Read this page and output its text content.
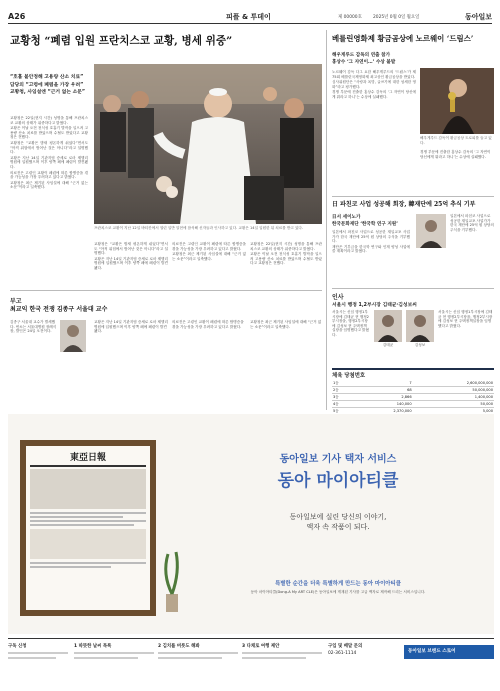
A26	피플 & 투데이	제 00000호	2025년 0월 0일 월요일	동아일보
교황청 “폐렴 입원 프란치스코 교황, 병세 위중”
“호흡 불안정해 고용량 산소 치료”
담당의 “고령에 폐렴을 가장 우려”
교황청, 사임설엔 “근거 없는 소문”

교황청은 22일(현지 시간) 성명을 통해 프란치스코 교황의 상태가 위중하다고 밝혔다.

교황은 이날 오전 천식성 호흡기 발작을 일으켜 고용량 산소 치료를 받았으며 수혈도 받았다고 교황청은 전했다.

교황청은 “교황은 밤새 평온하게 쉬었다”면서도 “아직 위험에서 벗어난 것은 아니다”라고 설명했다.

교황은 지난 14일 기관지염 증세로 로마 제멜리 병원에 입원했으며 이후 양쪽 폐에 폐렴이 발견됐다.

의료진은 고령인 교황이 폐렴에 따른 합병증을 겪을 가능성을 가장 우려하고 있다고 밝혔다.

교황청은 최근 제기된 사임설에 대해 “근거 없는 소문”이라고 일축했다.

프란치스코 교황이 지난 12일 바티칸에서 열린 일반 알현에 참석해 신자들과 인사하고 있다. 교황은 14일 입원한 뒤 치료를 받고 있다.

교황청은 “교황은 밤새 평온하게 쉬었다”면서도 “아직 위험에서 벗어난 것은 아니다”라고 설명했다.

교황은 지난 14일 기관지염 증세로 로마 제멜리 병원에 입원했으며 이후 양쪽 폐에 폐렴이 발견됐다.

의료진은 고령인 교황이 폐렴에 따른 합병증을 겪을 가능성을 가장 우려하고 있다고 밝혔다.

교황청은 최근 제기된 사임설에 대해 “근거 없는 소문”이라고 일축했다.

교황청은 22일(현지 시간) 성명을 통해 프란치스코 교황의 상태가 위중하다고 밝혔다.

교황은 이날 오전 천식성 호흡기 발작을 일으켜 고용량 산소 치료를 받았으며 수혈도 받았다고 교황청은 전했다.

부고
최교익 한국 전쟁 김종구 서울대 교수
김종구 서울대 교수가 별세했다. 빈소는 서울대병원 장례식장, 발인은 24일 오전이다.
교황은 지난 14일 기관지염 증세로 로마 제멜리 병원에 입원했으며 이후 양쪽 폐에 폐렴이 발견됐다.
의료진은 고령인 교황이 폐렴에 따른 합병증을 겪을 가능성을 가장 우려하고 있다고 밝혔다.
교황청은 최근 제기된 사임설에 대해 “근거 없는 소문”이라고 일축했다.
베를린영화제 황금곰상에 노르웨이 ‘드림스’
해우게루드 감독의 연출 참가
홍상수 ‘그 자연이…’ 수상 불발

노르웨이 감독 다그 요한 해우게루드의 ‘드림스’가 제75회 베를린국제영화제 최고상인 황금곰상을 받았다.

심사위원단은 “사랑과 욕망, 글쓰기에 대한 섬세한 영화”라고 평가했다.

경쟁 부문에 진출한 홍상수 감독의 ‘그 자연이 당신에게 뭐라고 하니’는 수상에 실패했다.

해우게루드 감독이 황금곰상 트로피를 들고 있다.
경쟁 부문에 진출한 홍상수 감독의 ‘그 자연이 당신에게 뭐라고 하니’는 수상에 실패했다.
日 파친코 사업 성공해 회장, 韓재단에 25억 추식 기부
日서 세이노가
한국문화재단 ‘한국학 연구 지원’

일본에서 파친코 사업으로 성공한 재일교포 사업가가 한국 재단에 25억 원 상당의 주식을 기부했다.

재단은 기부금을 한국학 연구와 인재 양성 사업에 쓸 계획이라고 밝혔다.

일본에서 파친코 사업으로 성공한 재일교포 사업가가 한국 재단에 25억 원 상당의 주식을 기부했다.
인사
서울시 행정 1,2부시장 김태균·김성보씨
서울시는 신임 행정1부시장에 김태균 현 행정2부시장을, 행정2부시장에 김성보 현 주택정책실장을 임명했다고 밝혔다.
김태균	김성보
서울시는 신임 행정1부시장에 김태균 현 행정2부시장을, 행정2부시장에 김성보 현 주택정책실장을 임명했다고 밝혔다.
체육 당첨번호
1등	7	2,600,000,000
2등	68	50,000,000
3등	2,866	1,400,000
4등	140,000	50,000
5등	2,370,000	5,000
東亞日報	동아일보 기사 택자 서비스
동아 마이아티클
동아일보에 실린 당신의 이야기,
액자 속 작품이 되다.
특별한 순간을 더욱 특별하게 만드는 동아 마이아티클
동아 마이아티클(Dong-A My ART CLE)은 동아일보에 게재된 기사를 고급 액자로 제작해 드리는 서비스입니다.
구독 신청	1 따뜻한 날씨 목록	2 김치를 버릇도 해봐	3 다채로 여행 제안	구입 및 배달 문의
02-361-1114	동아일보 브랜드 스토어
